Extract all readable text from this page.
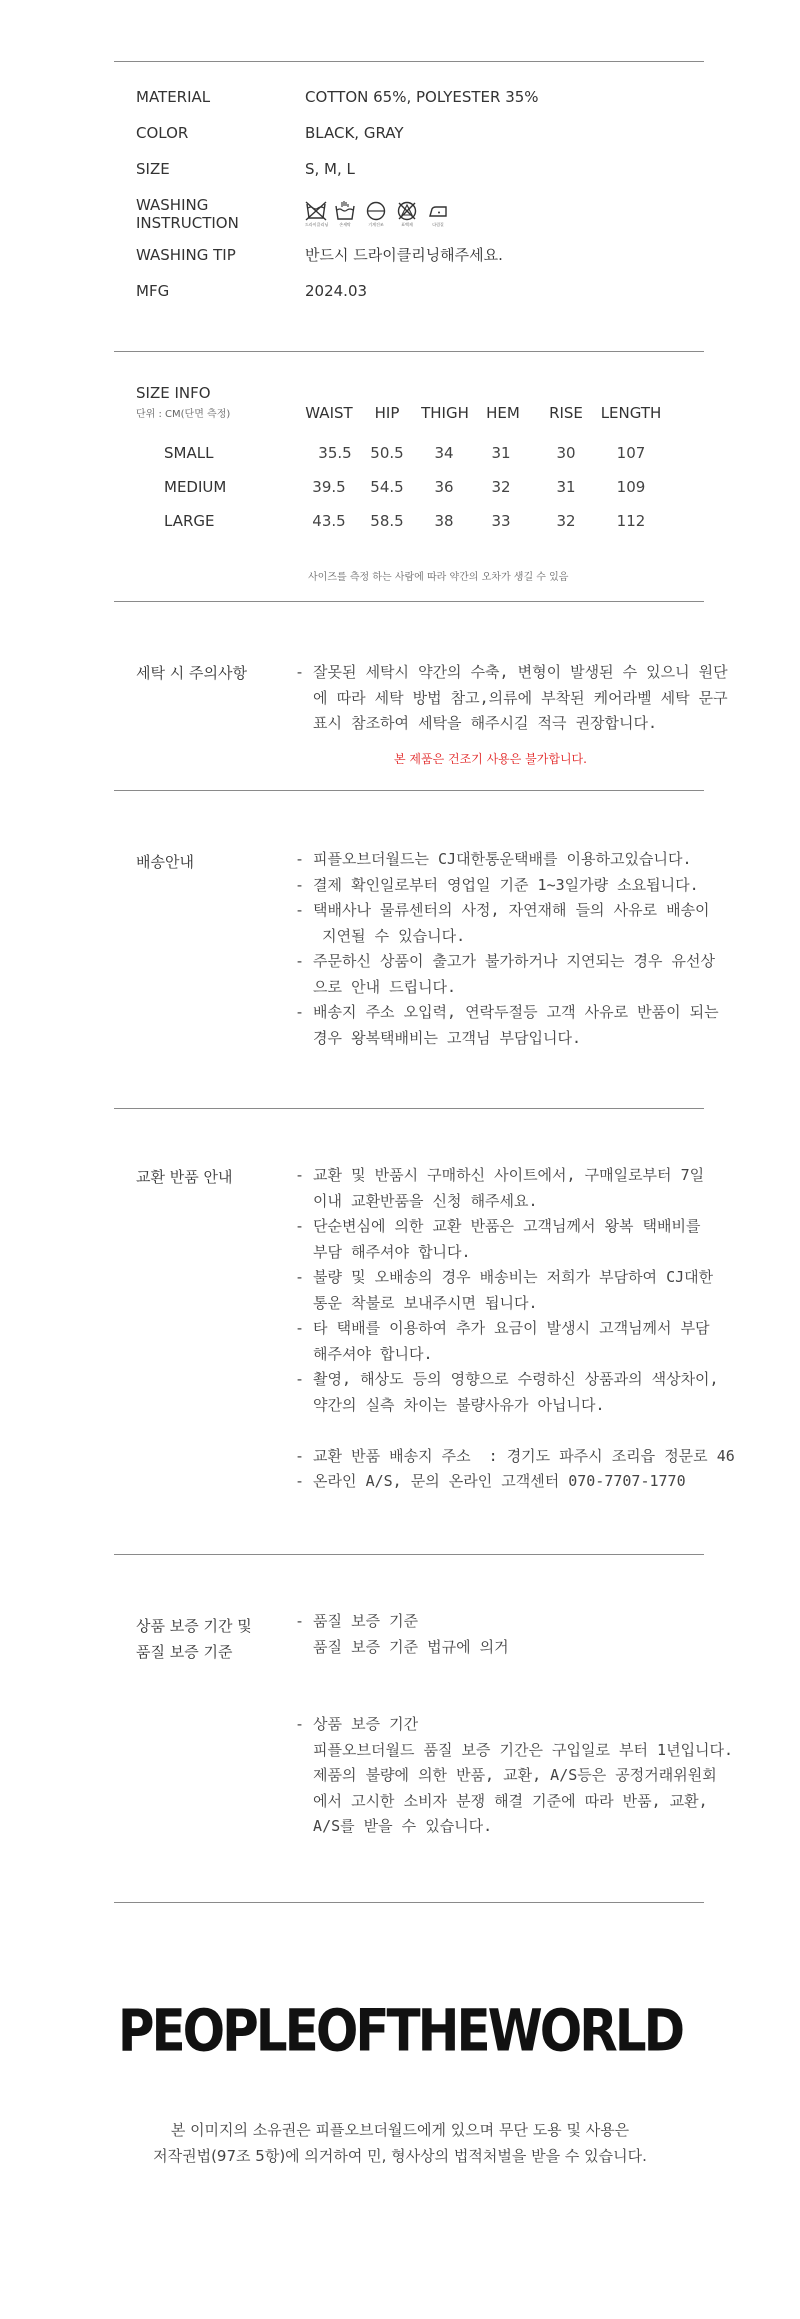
MATERIAL	COTTON 65%, POLYESTER 35%
COLOR	BLACK, GRAY
SIZE	S, M, L
WASHING
INSTRUCTION	드라이클리닝	손세탁	기계건조	표백제	다림질
WASHING TIP	반드시 드라이클리닝해주세요.
MFG	2024.03
SIZE INFO
단위 : CM(단면 측정)	WAIST	HIP	THIGH	HEM	RISE	LENGTH
SMALL	35.5	50.5	34	31	30	107
MEDIUM	39.5	54.5	36	32	31	109
LARGE	43.5	58.5	38	33	32	112
사이즈를 측정 하는 사람에 따라 약간의 오차가 생길 수 있음
세탁 시 주의사항	- 잘못된 세탁시 약간의 수축, 변형이 발생된 수 있으니 원단
에 따라 세탁 방법 참고,의류에 부착된 케어라벨 세탁 문구
표시 참조하여 세탁을 해주시길 적극 권장합니다.
본 제품은 건조기 사용은 불가합니다.
배송안내	- 피플오브더월드는 CJ대한통운택배를 이용하고있습니다.
- 결제 확인일로부터 영업일 기준 1~3일가량 소요됩니다.
- 택배사나 물류센터의 사정, 자연재해 들의 사유로 배송이
지연될 수 있습니다.
- 주문하신 상품이 출고가 불가하거나 지연되는 경우 유선상
으로 안내 드립니다.
- 배송지 주소 오입력, 연락두절등 고객 사유로 반품이 되는
경우 왕복택배비는 고객님 부담입니다.
교환 반품 안내	- 교환 및 반품시 구매하신 사이트에서, 구매일로부터 7일
이내 교환반품을 신청 해주세요.
- 단순변심에 의한 교환 반품은 고객님께서 왕복 택배비를
부담 해주셔야 합니다.
- 불량 및 오배송의 경우 배송비는 저희가 부담하여 CJ대한
통운 착불로 보내주시면 됩니다.
- 타 택배를 이용하여 추가 요금이 발생시 고객님께서 부담
해주셔야 합니다.
- 촬영, 해상도 등의 영향으로 수령하신 상품과의 색상차이,
약간의 실측 차이는 불량사유가 아닙니다.

- 교환 반품 배송지 주소  : 경기도 파주시 조리읍 정문로 46
- 온라인 A/S, 문의 온라인 고객센터 070-7707-1770
상품 보증 기간 및
품질 보증 기준
- 품질 보증 기준
품질 보증 기준 법규에 의거
- 상품 보증 기간
피플오브더월드 품질 보증 기간은 구입일로 부터 1년입니다.
제품의 불량에 의한 반품, 교환, A/S등은 공정거래위원회
에서 고시한 소비자 분쟁 해결 기준에 따라 반품, 교환,
A/S를 받을 수 있습니다.
PEOPLEOFTHEWORLD
본 이미지의 소유권은 피플오브더월드에게 있으며 무단 도용 및 사용은
저작권법(97조 5항)에 의거하여 민, 형사상의 법적처벌을 받을 수 있습니다.
